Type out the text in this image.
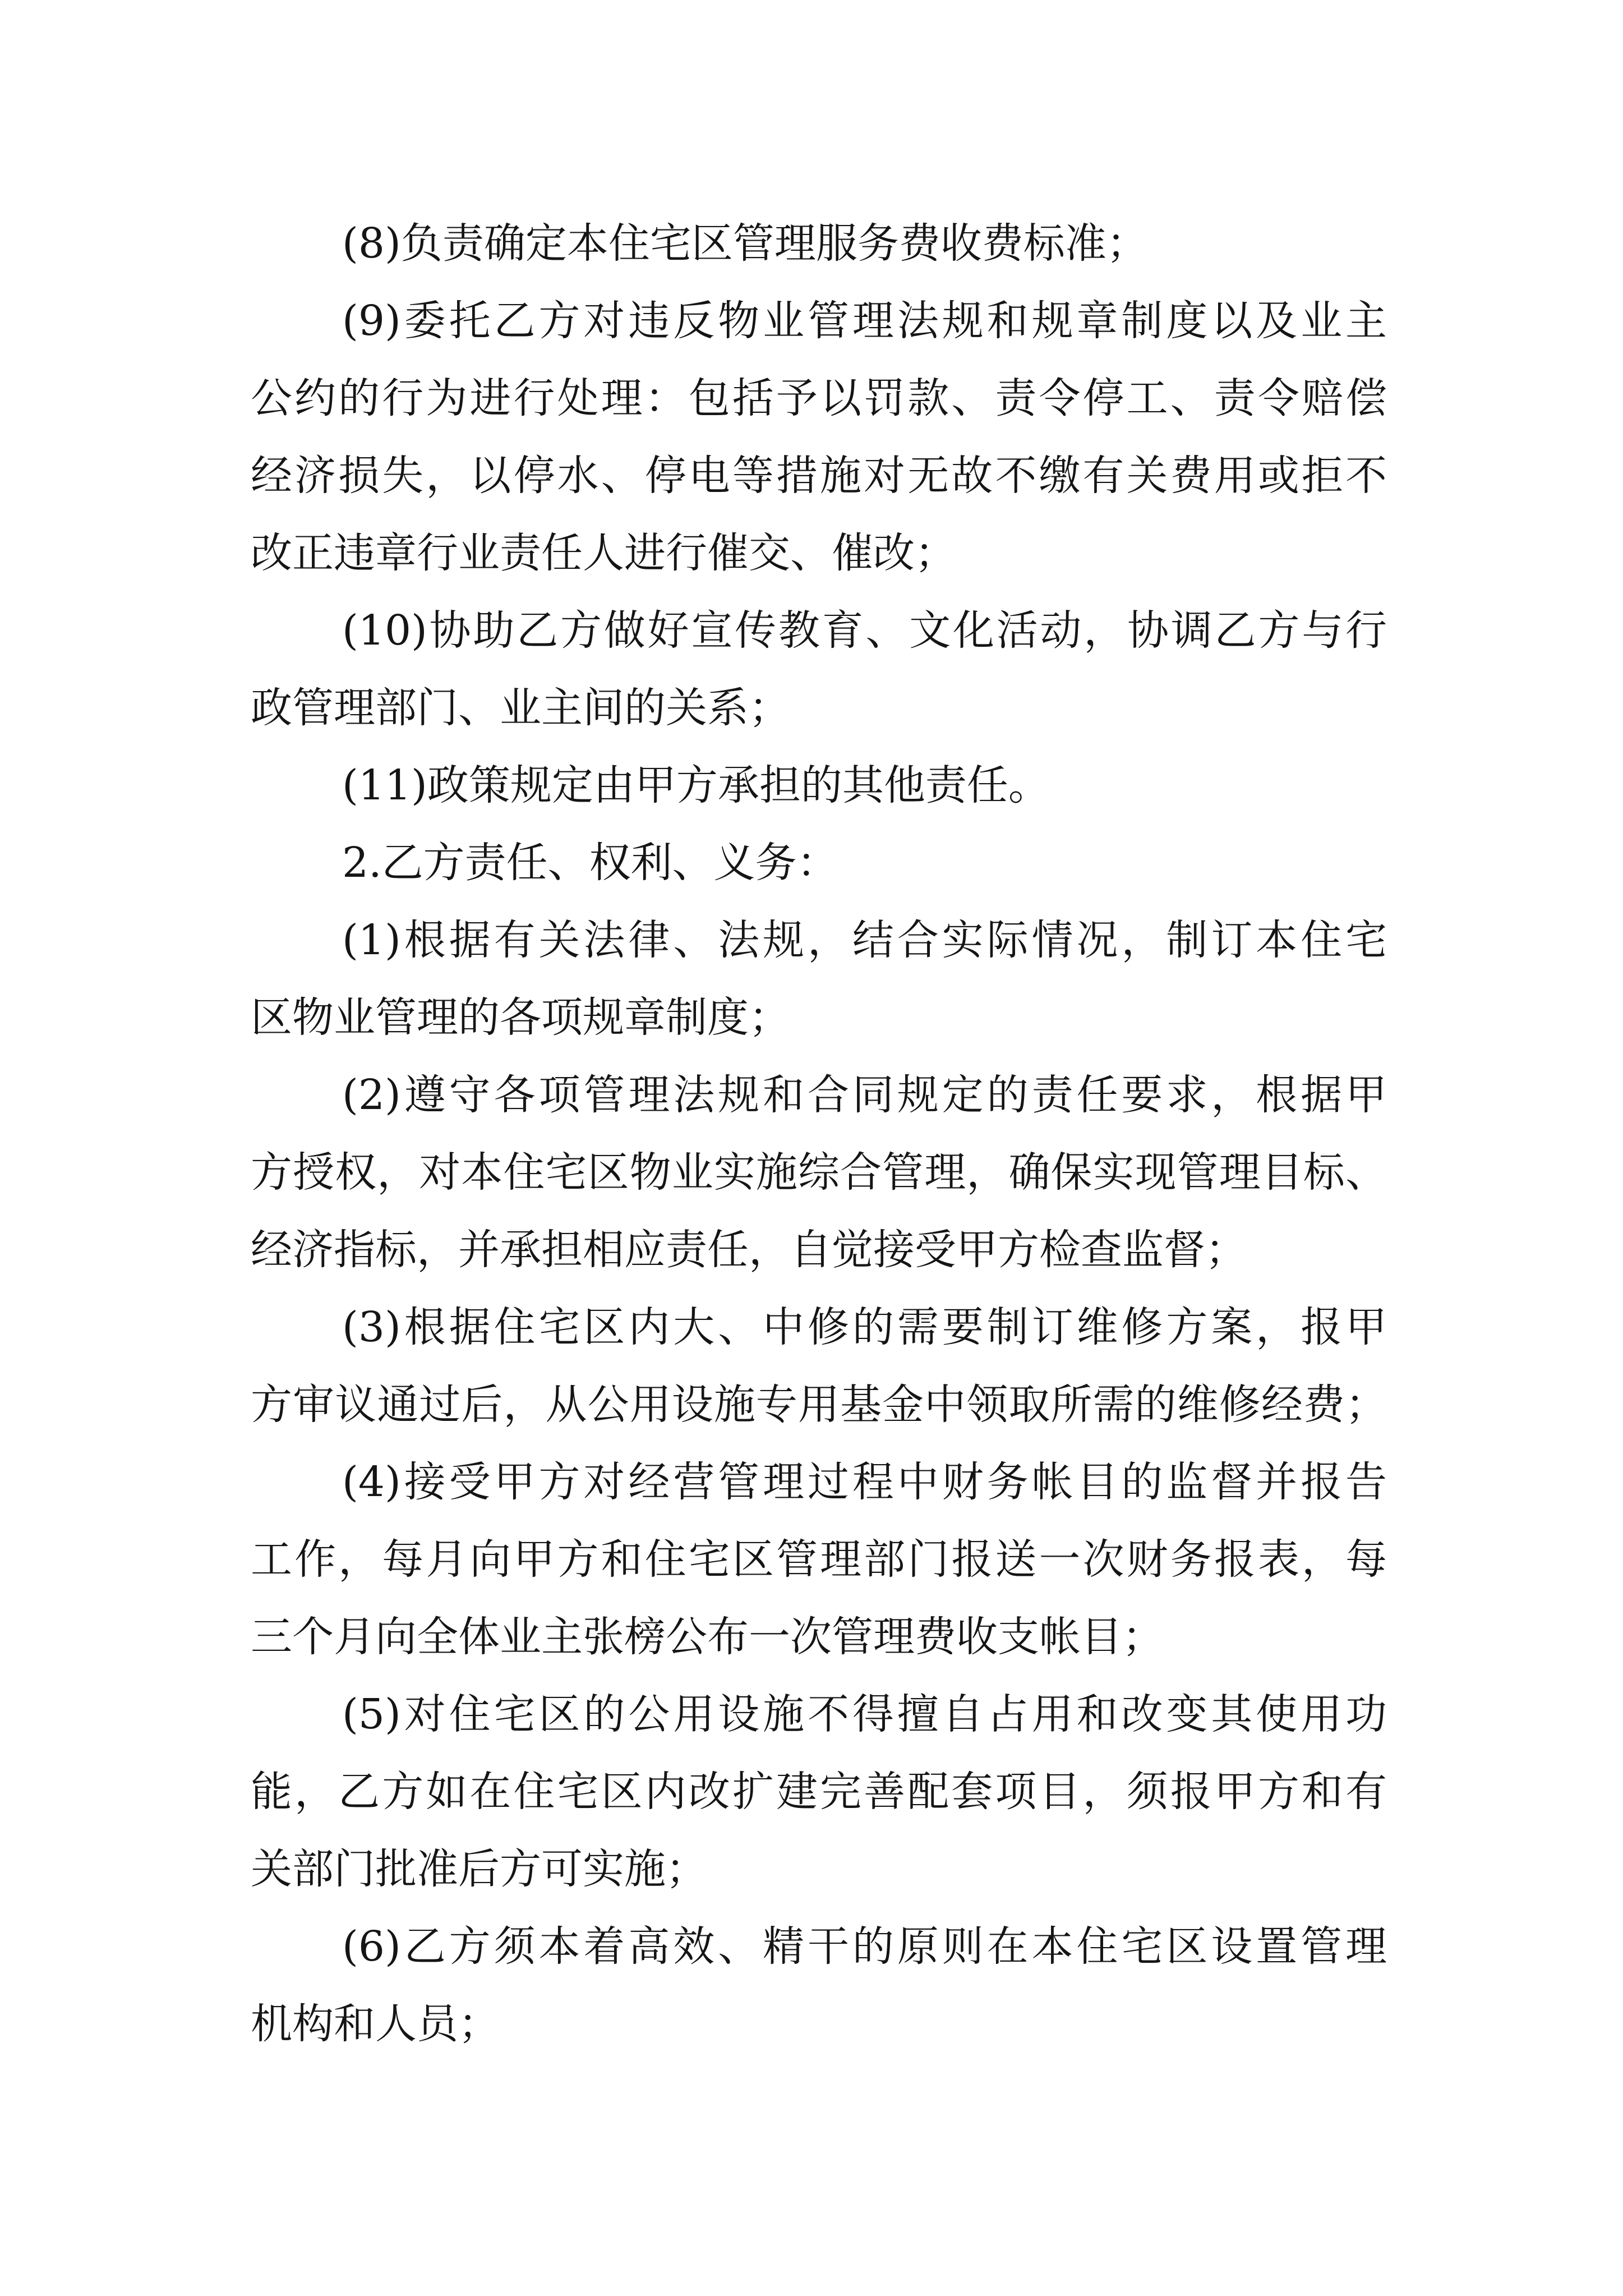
(8)负责确定本住宅区管理服务费收费标准；
(9)委托乙方对违反物业管理法规和规章制度以及业主
公约的行为进行处理：包括予以罚款、责令停工、责令赔偿
经济损失，以停水、停电等措施对无故不缴有关费用或拒不
改正违章行业责任人进行催交、催改；
(10)协助乙方做好宣传教育、文化活动，协调乙方与行
政管理部门、业主间的关系；
(11)政策规定由甲方承担的其他责任。
2.乙方责任、权利、义务：
(1)根据有关法律、法规，结合实际情况，制订本住宅
区物业管理的各项规章制度；
(2)遵守各项管理法规和合同规定的责任要求，根据甲
方授权，对本住宅区物业实施综合管理，确保实现管理目标、
经济指标，并承担相应责任，自觉接受甲方检查监督；
(3)根据住宅区内大、中修的需要制订维修方案，报甲
方审议通过后，从公用设施专用基金中领取所需的维修经费；
(4)接受甲方对经营管理过程中财务帐目的监督并报告
工作，每月向甲方和住宅区管理部门报送一次财务报表，每
三个月向全体业主张榜公布一次管理费收支帐目；
(5)对住宅区的公用设施不得擅自占用和改变其使用功
能，乙方如在住宅区内改扩建完善配套项目，须报甲方和有
关部门批准后方可实施；
(6)乙方须本着高效、精干的原则在本住宅区设置管理
机构和人员；
